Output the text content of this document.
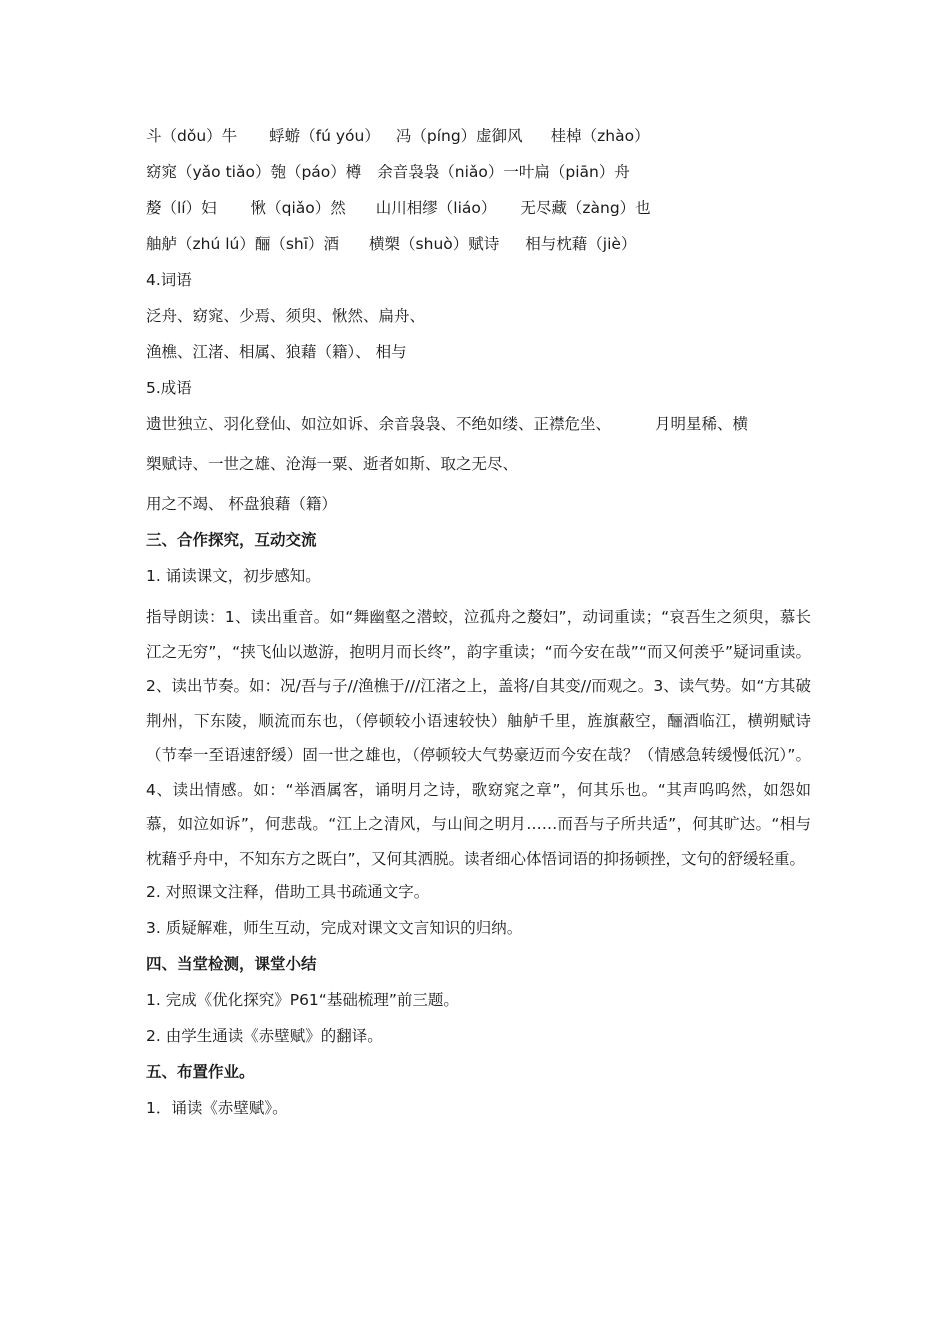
斗（dǒu）牛 蜉蝣（fú yóu） 冯（píng）虚御风 桂棹（zhào）
窈窕（yǎo tiǎo）匏（páo）樽 余音袅袅（niǎo）一叶扁（piān）舟
嫠（lí）妇 愀（qiǎo）然 山川相缪（liáo） 无尽藏（zàng）也
舳舻（zhú lú）酾（shī）酒 横槊（shuò）赋诗 相与枕藉（jiè）
4.词语
泛舟、窈窕、少焉、须臾、愀然、扁舟、
渔樵、江渚、相属、狼藉（籍）、 相与
5.成语
遗世独立、羽化登仙、如泣如诉、余音袅袅、不绝如缕、正襟危坐、	月明星稀、横
槊赋诗、一世之雄、沧海一粟、逝者如斯、取之无尽、
用之不竭、 杯盘狼藉（籍）
三、合作探究，互动交流
1. 诵读课文，初步感知。
指导朗读：1、读出重音。如“舞幽壑之潜蛟，泣孤舟之嫠妇”，动词重读；“哀吾生之须臾，慕长江之无穷”，“挟飞仙以遨游，抱明月而长终”，韵字重读；“而今安在哉”“而又何羡乎”疑词重读。2、读出节奏。如：况/吾与子//渔樵于///江渚之上，盖将/自其变//而观之。3、读气势。如“方其破荆州，下东陵，顺流而东也，（停顿较小语速较快）舳舻千里，旌旗蔽空，酾酒临江，横朔赋诗（节奉一至语速舒缓）固一世之雄也，（停顿较大气势豪迈而今安在哉？（情感急转缓慢低沉）”。4、读出情感。如：“举酒属客，诵明月之诗，歌窈窕之章”，何其乐也。“其声呜呜然，如怨如慕，如泣如诉”，何悲哉。“江上之清风，与山间之明月……而吾与子所共适”，何其旷达。“相与枕藉乎舟中，不知东方之既白”，又何其洒脱。读者细心体悟词语的抑扬顿挫，文句的舒缓轻重。
2. 对照课文注释，借助工具书疏通文字。
3. 质疑解难，师生互动，完成对课文文言知识的归纳。
四、当堂检测，课堂小结
1. 完成《优化探究》P61“基础梳理”前三题。
2. 由学生通读《赤壁赋》的翻译。
五、布置作业。
1．诵读《赤壁赋》。
